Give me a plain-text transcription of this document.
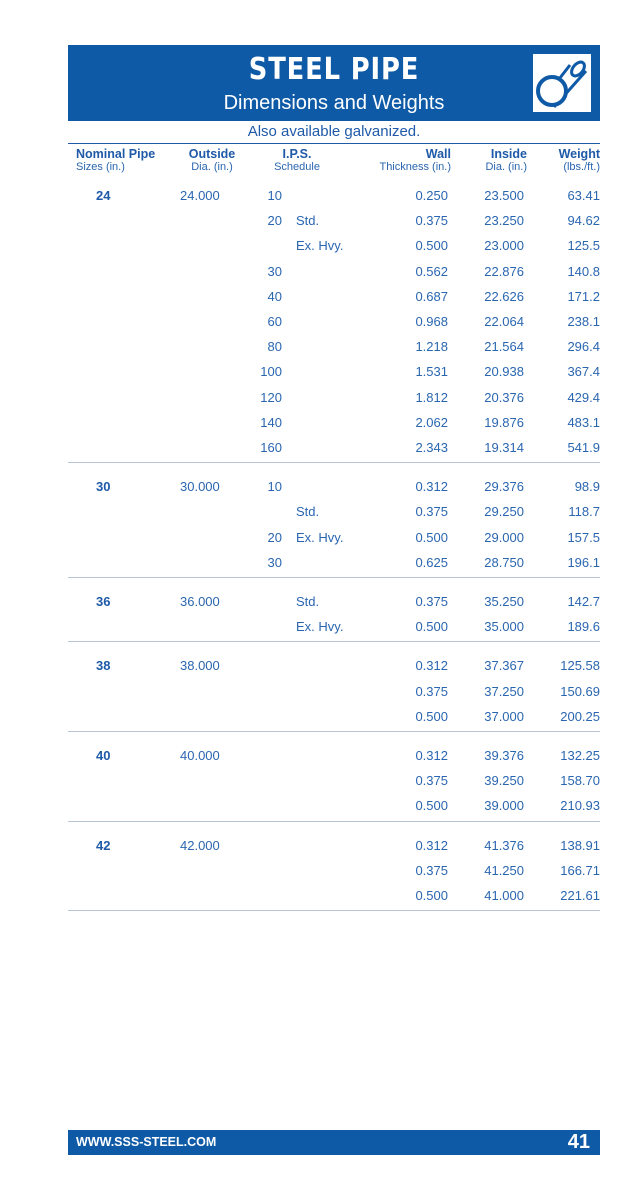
STEEL PIPE
Dimensions and Weights
Also available galvanized.
Nominal Pipe
Sizes (in.)
Outside
Dia. (in.)
I.P.S.
Schedule
Wall
Thickness (in.)
Inside
Dia. (in.)
Weight
(lbs./ft.)
24	24.000	10	0.250	23.500	63.41
20 Std.	0.375	23.250	94.62
Ex. Hvy.	0.500	23.000	125.5
30	0.562	22.876	140.8
40	0.687	22.626	171.2
60	0.968	22.064	238.1
80	1.218	21.564	296.4
100	1.531	20.938	367.4
120	1.812	20.376	429.4
140	2.062	19.876	483.1
160	2.343	19.314	541.9
30	30.000	10	0.312	29.376	98.9
Std.	0.375	29.250	118.7
20 Ex. Hvy.	0.500	29.000	157.5
30	0.625	28.750	196.1
36	36.000	Std.	0.375	35.250	142.7
Ex. Hvy.	0.500	35.000	189.6
38	38.000	0.312	37.367	125.58
0.375	37.250	150.69
0.500	37.000	200.25
40	40.000	0.312	39.376	132.25
0.375	39.250	158.70
0.500	39.000	210.93
42	42.000	0.312	41.376	138.91
0.375	41.250	166.71
0.500	41.000	221.61
WWW.SSS-STEEL.COM	41
